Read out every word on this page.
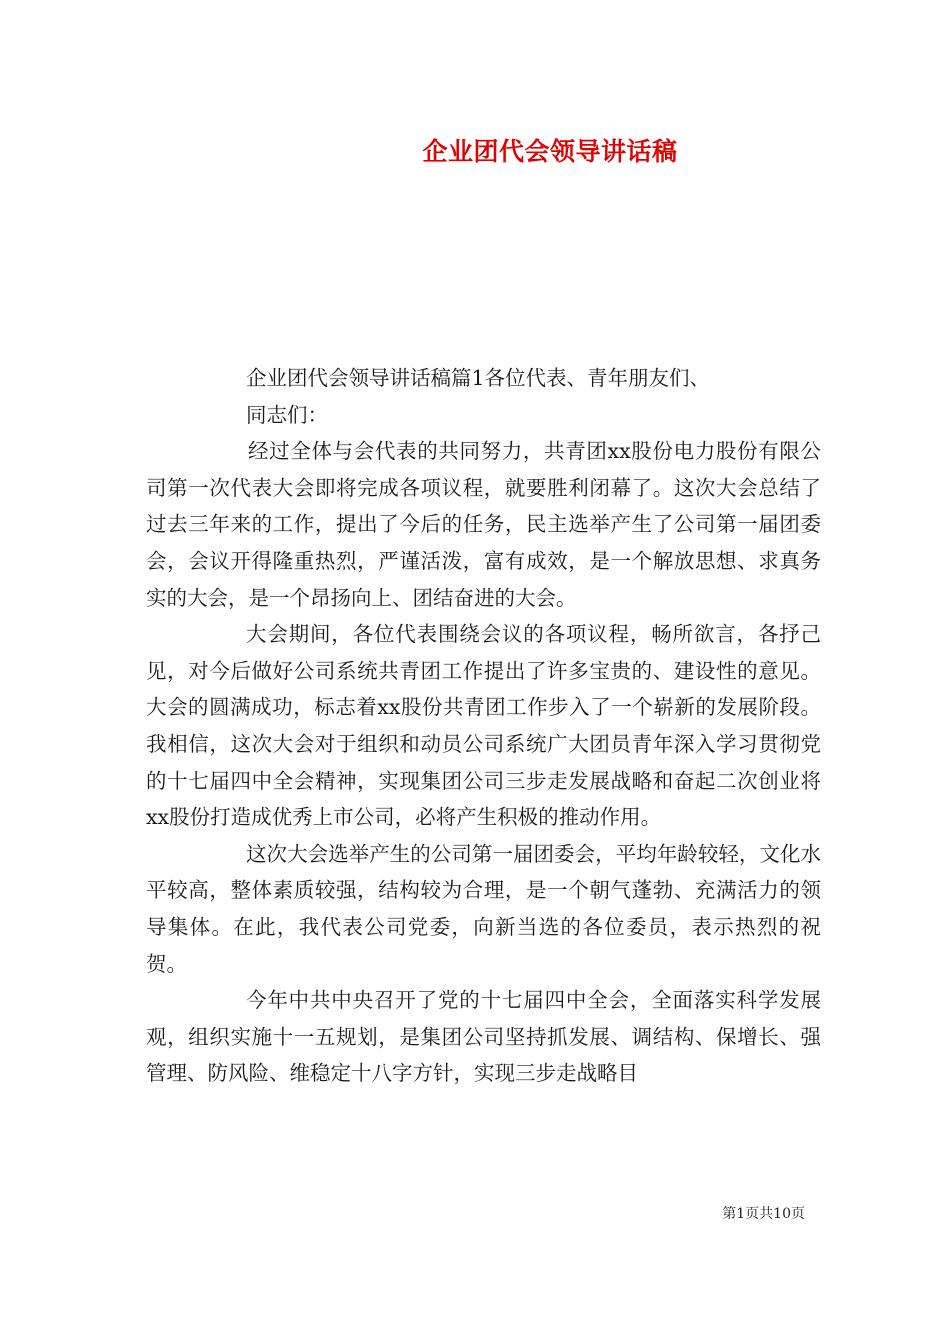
企业团代会领导讲话稿

企业团代会领导讲话稿篇1各位代表、青年朋友们、

同志们：

经过全体与会代表的共同努力，共青团xx股份电力股份有限公司第一次代表大会即将完成各项议程，就要胜利闭幕了。这次大会总结了过去三年来的工作，提出了今后的任务，民主选举产生了公司第一届团委会，会议开得隆重热烈，严谨活泼，富有成效，是一个解放思想、求真务实的大会，是一个昂扬向上、团结奋进的大会。

大会期间，各位代表围绕会议的各项议程，畅所欲言，各抒己见，对今后做好公司系统共青团工作提出了许多宝贵的、建设性的意见。大会的圆满成功，标志着xx股份共青团工作步入了一个崭新的发展阶段。我相信，这次大会对于组织和动员公司系统广大团员青年深入学习贯彻党的十七届四中全会精神，实现集团公司三步走发展战略和奋起二次创业将xx股份打造成优秀上市公司，必将产生积极的推动作用。

这次大会选举产生的公司第一届团委会，平均年龄较轻，文化水平较高，整体素质较强，结构较为合理，是一个朝气蓬勃、充满活力的领导集体。在此，我代表公司党委，向新当选的各位委员，表示热烈的祝贺。

今年中共中央召开了党的十七届四中全会，全面落实科学发展观，组织实施十一五规划，是集团公司坚持抓发展、调结构、保增长、强管理、防风险、维稳定十八字方针，实现三步走战略目

第1页共10页
